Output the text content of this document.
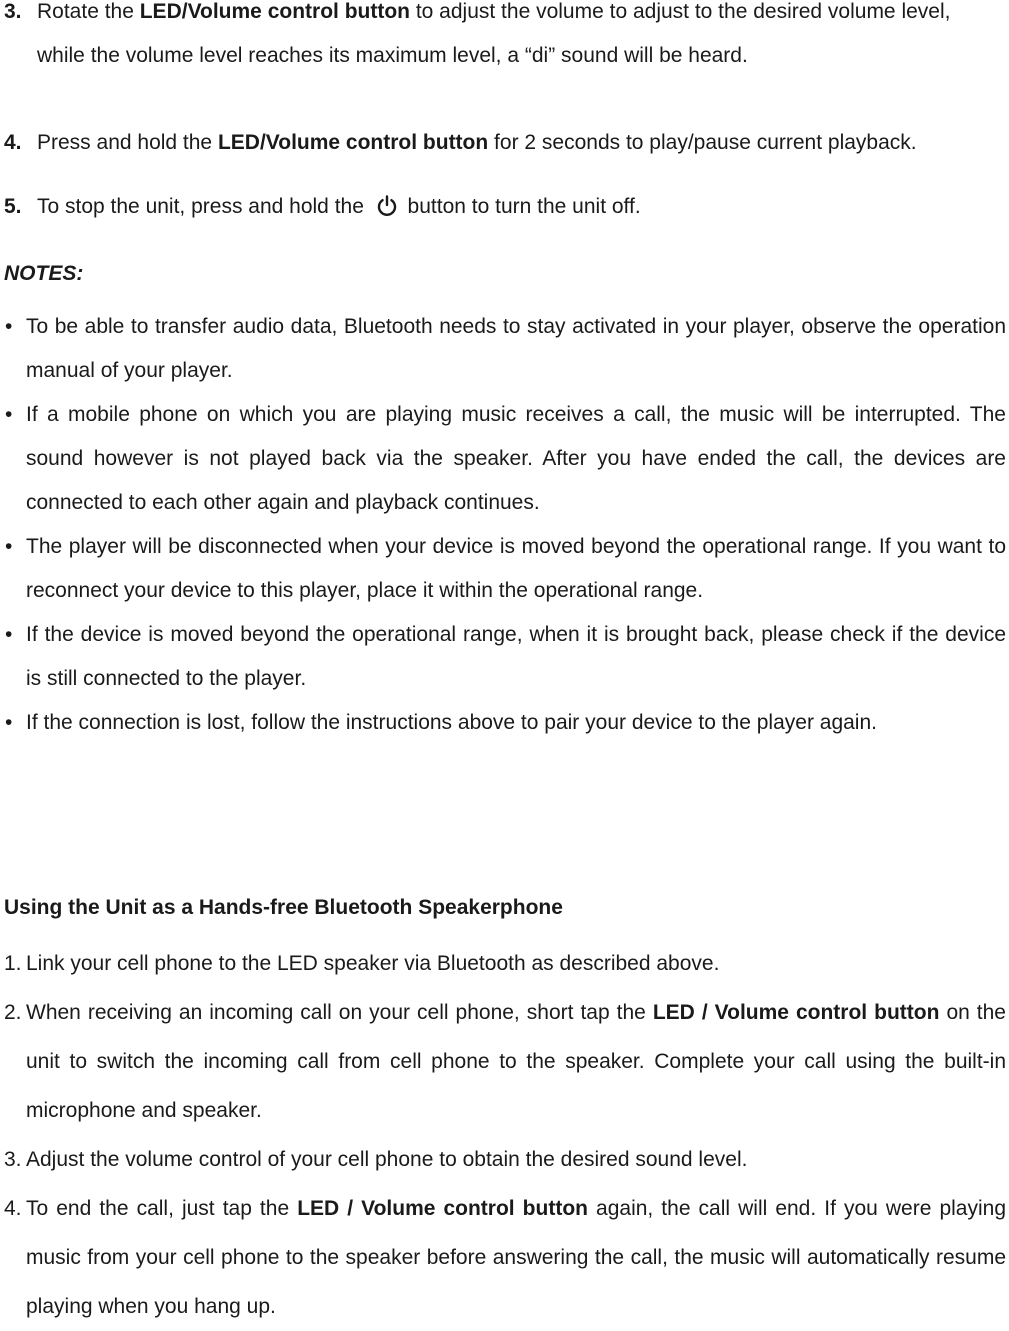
3. Rotate the LED/Volume control button to adjust the volume to adjust to the desired volume level, while the volume level reaches its maximum level, a “di” sound will be heard.
4. Press and hold the LED/Volume control button for 2 seconds to play/pause current playback.
5. To stop the unit, press and hold the  button to turn the unit off.
NOTES:
• To be able to transfer audio data, Bluetooth needs to stay activated in your player, observe the operation manual of your player.
• If a mobile phone on which you are playing music receives a call, the music will be interrupted. The sound however is not played back via the speaker. After you have ended the call, the devices are connected to each other again and playback continues.
• The player will be disconnected when your device is moved beyond the operational range. If you want to reconnect your device to this player, place it within the operational range.
• If the device is moved beyond the operational range, when it is brought back, please check if the device is still connected to the player.
• If the connection is lost, follow the instructions above to pair your device to the player again.
Using the Unit as a Hands-free Bluetooth Speakerphone
1. Link your cell phone to the LED speaker via Bluetooth as described above.
2. When receiving an incoming call on your cell phone, short tap the LED / Volume control button on the unit to switch the incoming call from cell phone to the speaker. Complete your call using the built-in microphone and speaker.
3. Adjust the volume control of your cell phone to obtain the desired sound level.
4. To end the call, just tap the LED / Volume control button again, the call will end. If you were playing music from your cell phone to the speaker before answering the call, the music will automatically resume playing when you hang up.
